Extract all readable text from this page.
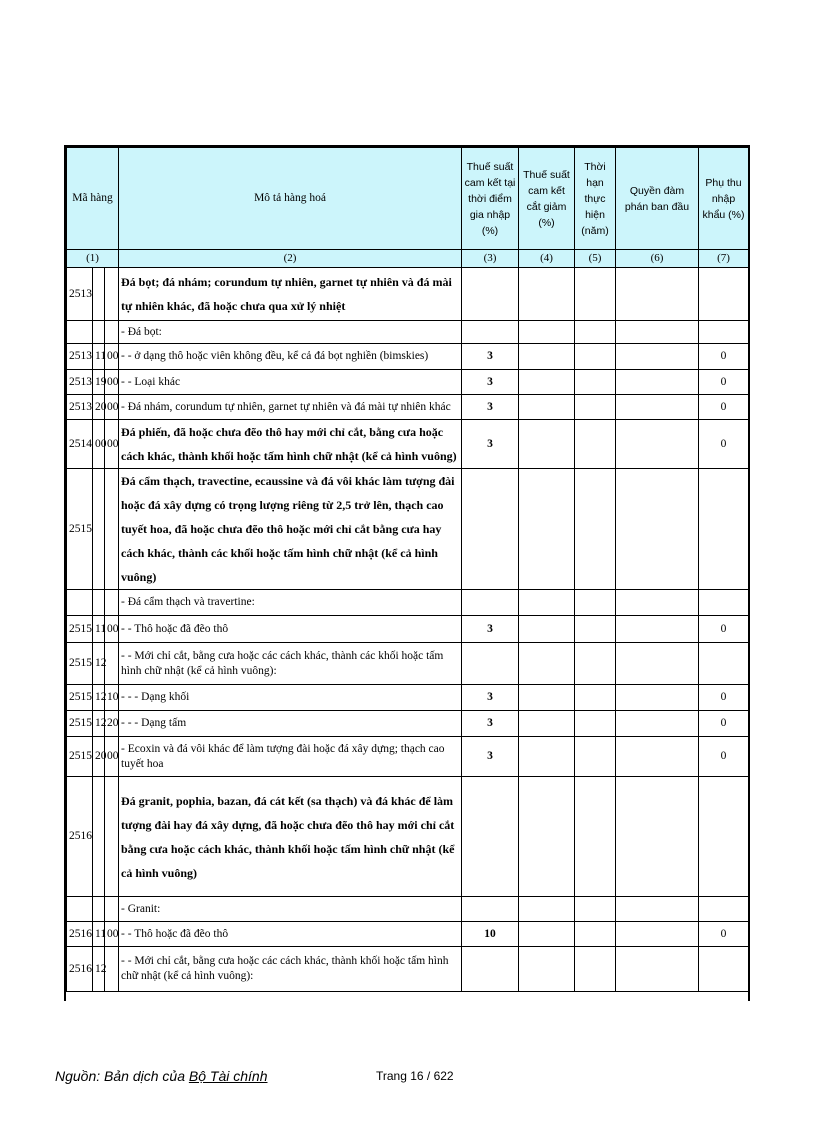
Mã hàng			Mô tả hàng hoá	Thuế suất cam kết tại thời điểm gia nhập (%)	Thuế suất cam kết cắt giảm (%)	Thời hạn thực hiện (năm)	Quyền đàm phán ban đầu	Phụ thu nhập khẩu (%)
(1)			(2)	(3)	(4)	(5)	(6)	(7)
2513			Đá bọt; đá nhám; corundum tự nhiên, garnet tự nhiên và đá mài tự nhiên khác, đã hoặc chưa qua xử lý nhiệt					
			- Đá bọt:					
2513	11	00	- - ở dạng thô hoặc viên không đều, kể cả đá bọt nghiền (bimskies)	3				0
2513	19	00	- - Loại khác	3				0
2513	20	00	- Đá nhám, corundum tự nhiên, garnet tự nhiên và đá mài tự nhiên khác	3				0
2514	00	00	Đá phiến, đã hoặc chưa đẽo thô hay mới chỉ cắt, bằng cưa hoặc cách khác, thành khối hoặc tấm hình chữ nhật (kể cả hình vuông)	3				0
2515			Đá cẩm thạch, travectine, ecaussine và đá vôi khác làm tượng đài hoặc đá xây dựng có trọng lượng riêng từ 2,5 trở lên, thạch cao tuyết hoa, đã hoặc chưa đẽo thô hoặc mới chỉ cắt bằng cưa hay cách khác, thành các khối hoặc tấm hình chữ nhật (kể cả hình vuông)					
			- Đá cẩm thạch và travertine:					
2515	11	00	- - Thô hoặc đã đẽo thô	3				0
2515	12		- - Mới chỉ cắt, bằng cưa hoặc các cách khác, thành các khối hoặc tấm hình chữ nhật (kể cả hình vuông):					
2515	12	10	- - - Dạng khối	3				0
2515	12	20	- - - Dạng tấm	3				0
2515	20	00	- Ecoxin và đá vôi khác để làm tượng đài hoặc đá xây dựng; thạch cao tuyết hoa	3				0
2516			Đá granit, pophia, bazan, đá cát kết (sa thạch) và đá khác để làm tượng đài hay đá xây dựng, đã hoặc chưa đẽo thô hay mới chỉ cắt bằng cưa hoặc cách khác, thành khối hoặc tấm hình chữ nhật (kể cả hình vuông)					
			- Granit:					
2516	11	00	- - Thô hoặc đã đẽo thô	10				0
2516	12		- - Mới chỉ cắt, bằng cưa hoặc các cách khác, thành khối hoặc tấm hình chữ nhật (kể cả hình vuông):					
Nguồn: Bản dịch của Bộ Tài chính	Trang 16 / 622
